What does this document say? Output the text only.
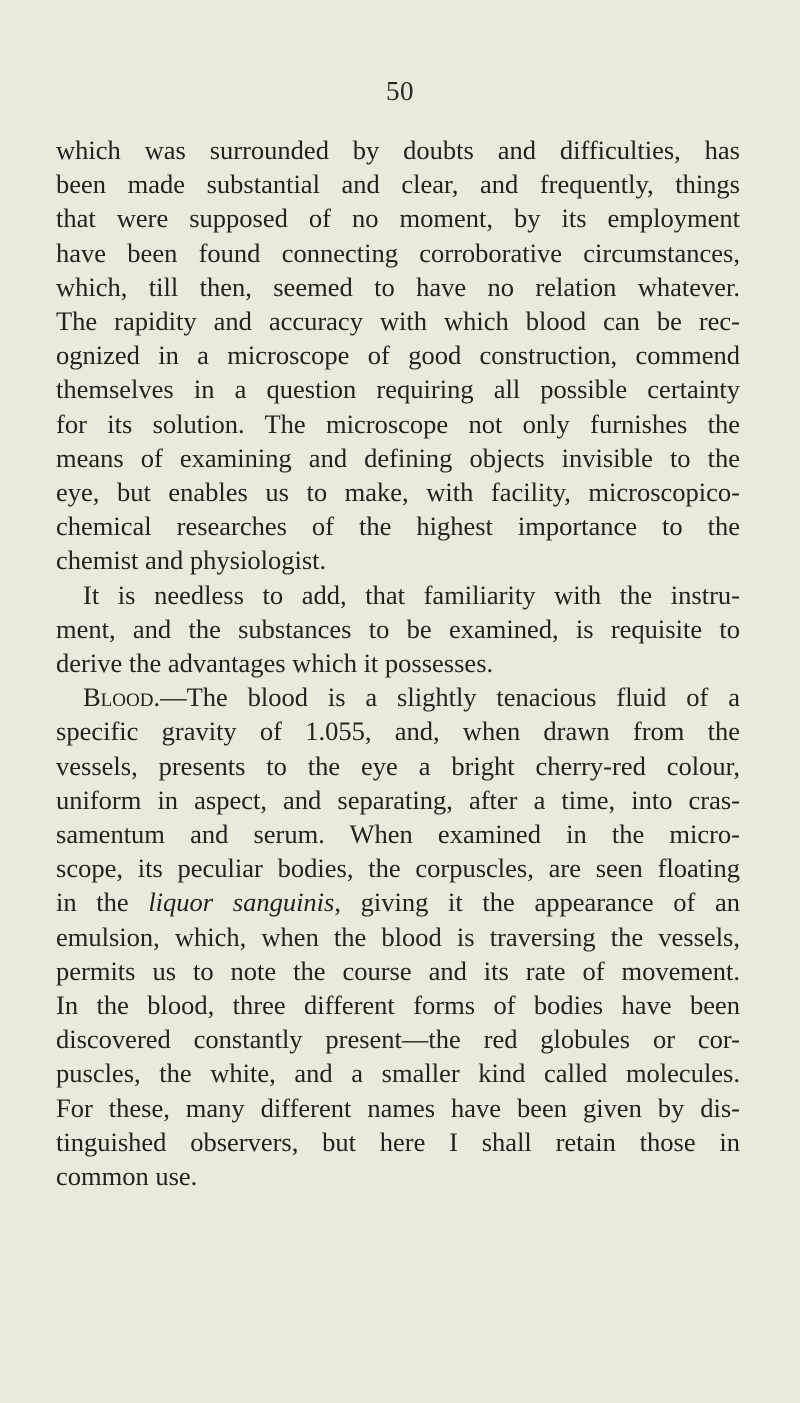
50

which was surrounded by doubts and difficulties, has
been made substantial and clear, and frequently, things
that were supposed of no moment, by its employment
have been found connecting corroborative circumstances,
which, till then, seemed to have no relation whatever.
The rapidity and accuracy with which blood can be rec-
ognized in a microscope of good construction, commend
themselves in a question requiring all possible certainty
for its solution. The microscope not only furnishes the
means of examining and defining objects invisible to the
eye, but enables us to make, with facility, microscopico-
chemical researches of the highest importance to the
chemist and physiologist.

It is needless to add, that familiarity with the instru-
ment, and the substances to be examined, is requisite to
derive the advantages which it possesses.

Blood.—The blood is a slightly tenacious fluid of a
specific gravity of 1.055, and, when drawn from the
vessels, presents to the eye a bright cherry-red colour,
uniform in aspect, and separating, after a time, into cras-
samentum and serum. When examined in the micro-
scope, its peculiar bodies, the corpuscles, are seen floating
in the liquor sanguinis, giving it the appearance of an
emulsion, which, when the blood is traversing the vessels,
permits us to note the course and its rate of movement.
In the blood, three different forms of bodies have been
discovered constantly present—the red globules or cor-
puscles, the white, and a smaller kind called molecules.
For these, many different names have been given by dis-
tinguished observers, but here I shall retain those in
common use.
